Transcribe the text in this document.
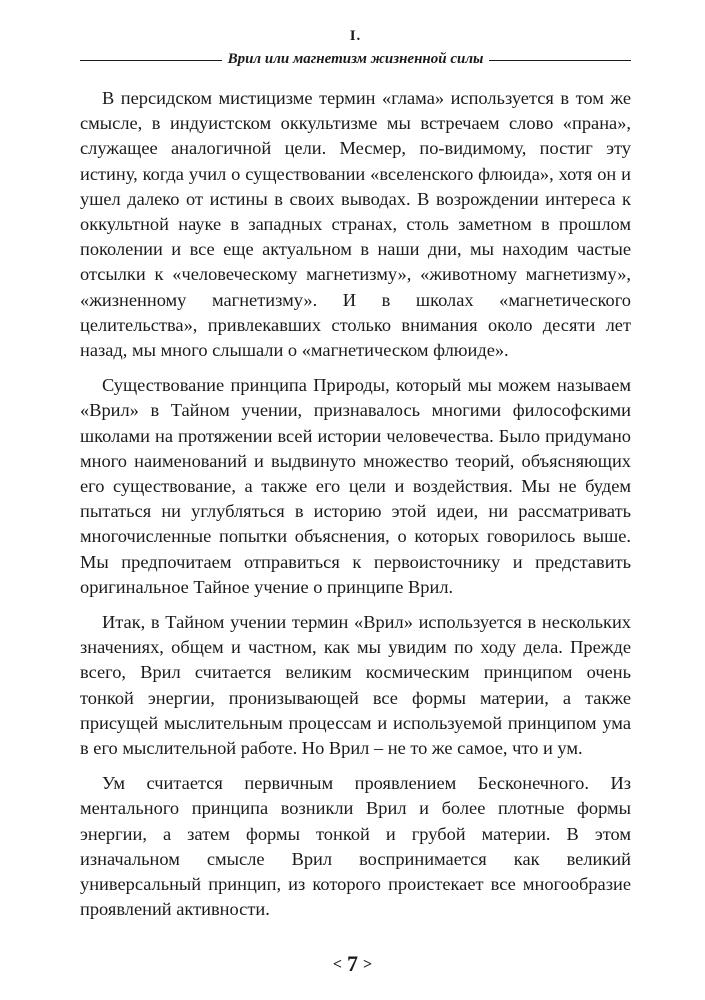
I.
Врил или магнетизм жизненной силы

В персидском мистицизме термин «глама» используется в том же смысле, в индуистском оккультизме мы встречаем слово «прана», служащее аналогичной цели. Месмер, по-видимому, постиг эту истину, когда учил о существовании «вселенского флюида», хотя он и ушел далеко от истины в своих выводах. В возрождении интереса к оккультной науке в западных странах, столь заметном в прошлом поколении и все еще актуальном в наши дни, мы находим частые отсылки к «человеческому магнетизму», «животному магнетизму», «жизненному магнетизму». И в школах «магнетического целительства», привлекавших столько внимания около десяти лет назад, мы много слышали о «магнетическом флюиде».

Существование принципа Природы, который мы можем называем «Врил» в Тайном учении, признавалось многими философскими школами на протяжении всей истории человечества. Было придумано много наименований и выдвинуто множество теорий, объясняющих его существование, а также его цели и воздействия. Мы не будем пытаться ни углубляться в историю этой идеи, ни рассматривать многочисленные попытки объяснения, о которых говорилось выше. Мы предпочитаем отправиться к первоисточнику и представить оригинальное Тайное учение о принципе Врил.

Итак, в Тайном учении термин «Врил» используется в нескольких значениях, общем и частном, как мы увидим по ходу дела. Прежде всего, Врил считается великим космическим принципом очень тонкой энергии, пронизывающей все формы материи, а также присущей мыслительным процессам и используемой принципом ума в его мыслительной работе. Но Врил – не то же самое, что и ум.

Ум считается первичным проявлением Бесконечного. Из ментального принципа возникли Врил и более плотные формы энергии, а затем формы тонкой и грубой материи. В этом изначальном смысле Врил воспринимается как великий универсальный принцип, из которого проистекает все многообразие проявлений активности.

< 7 >
